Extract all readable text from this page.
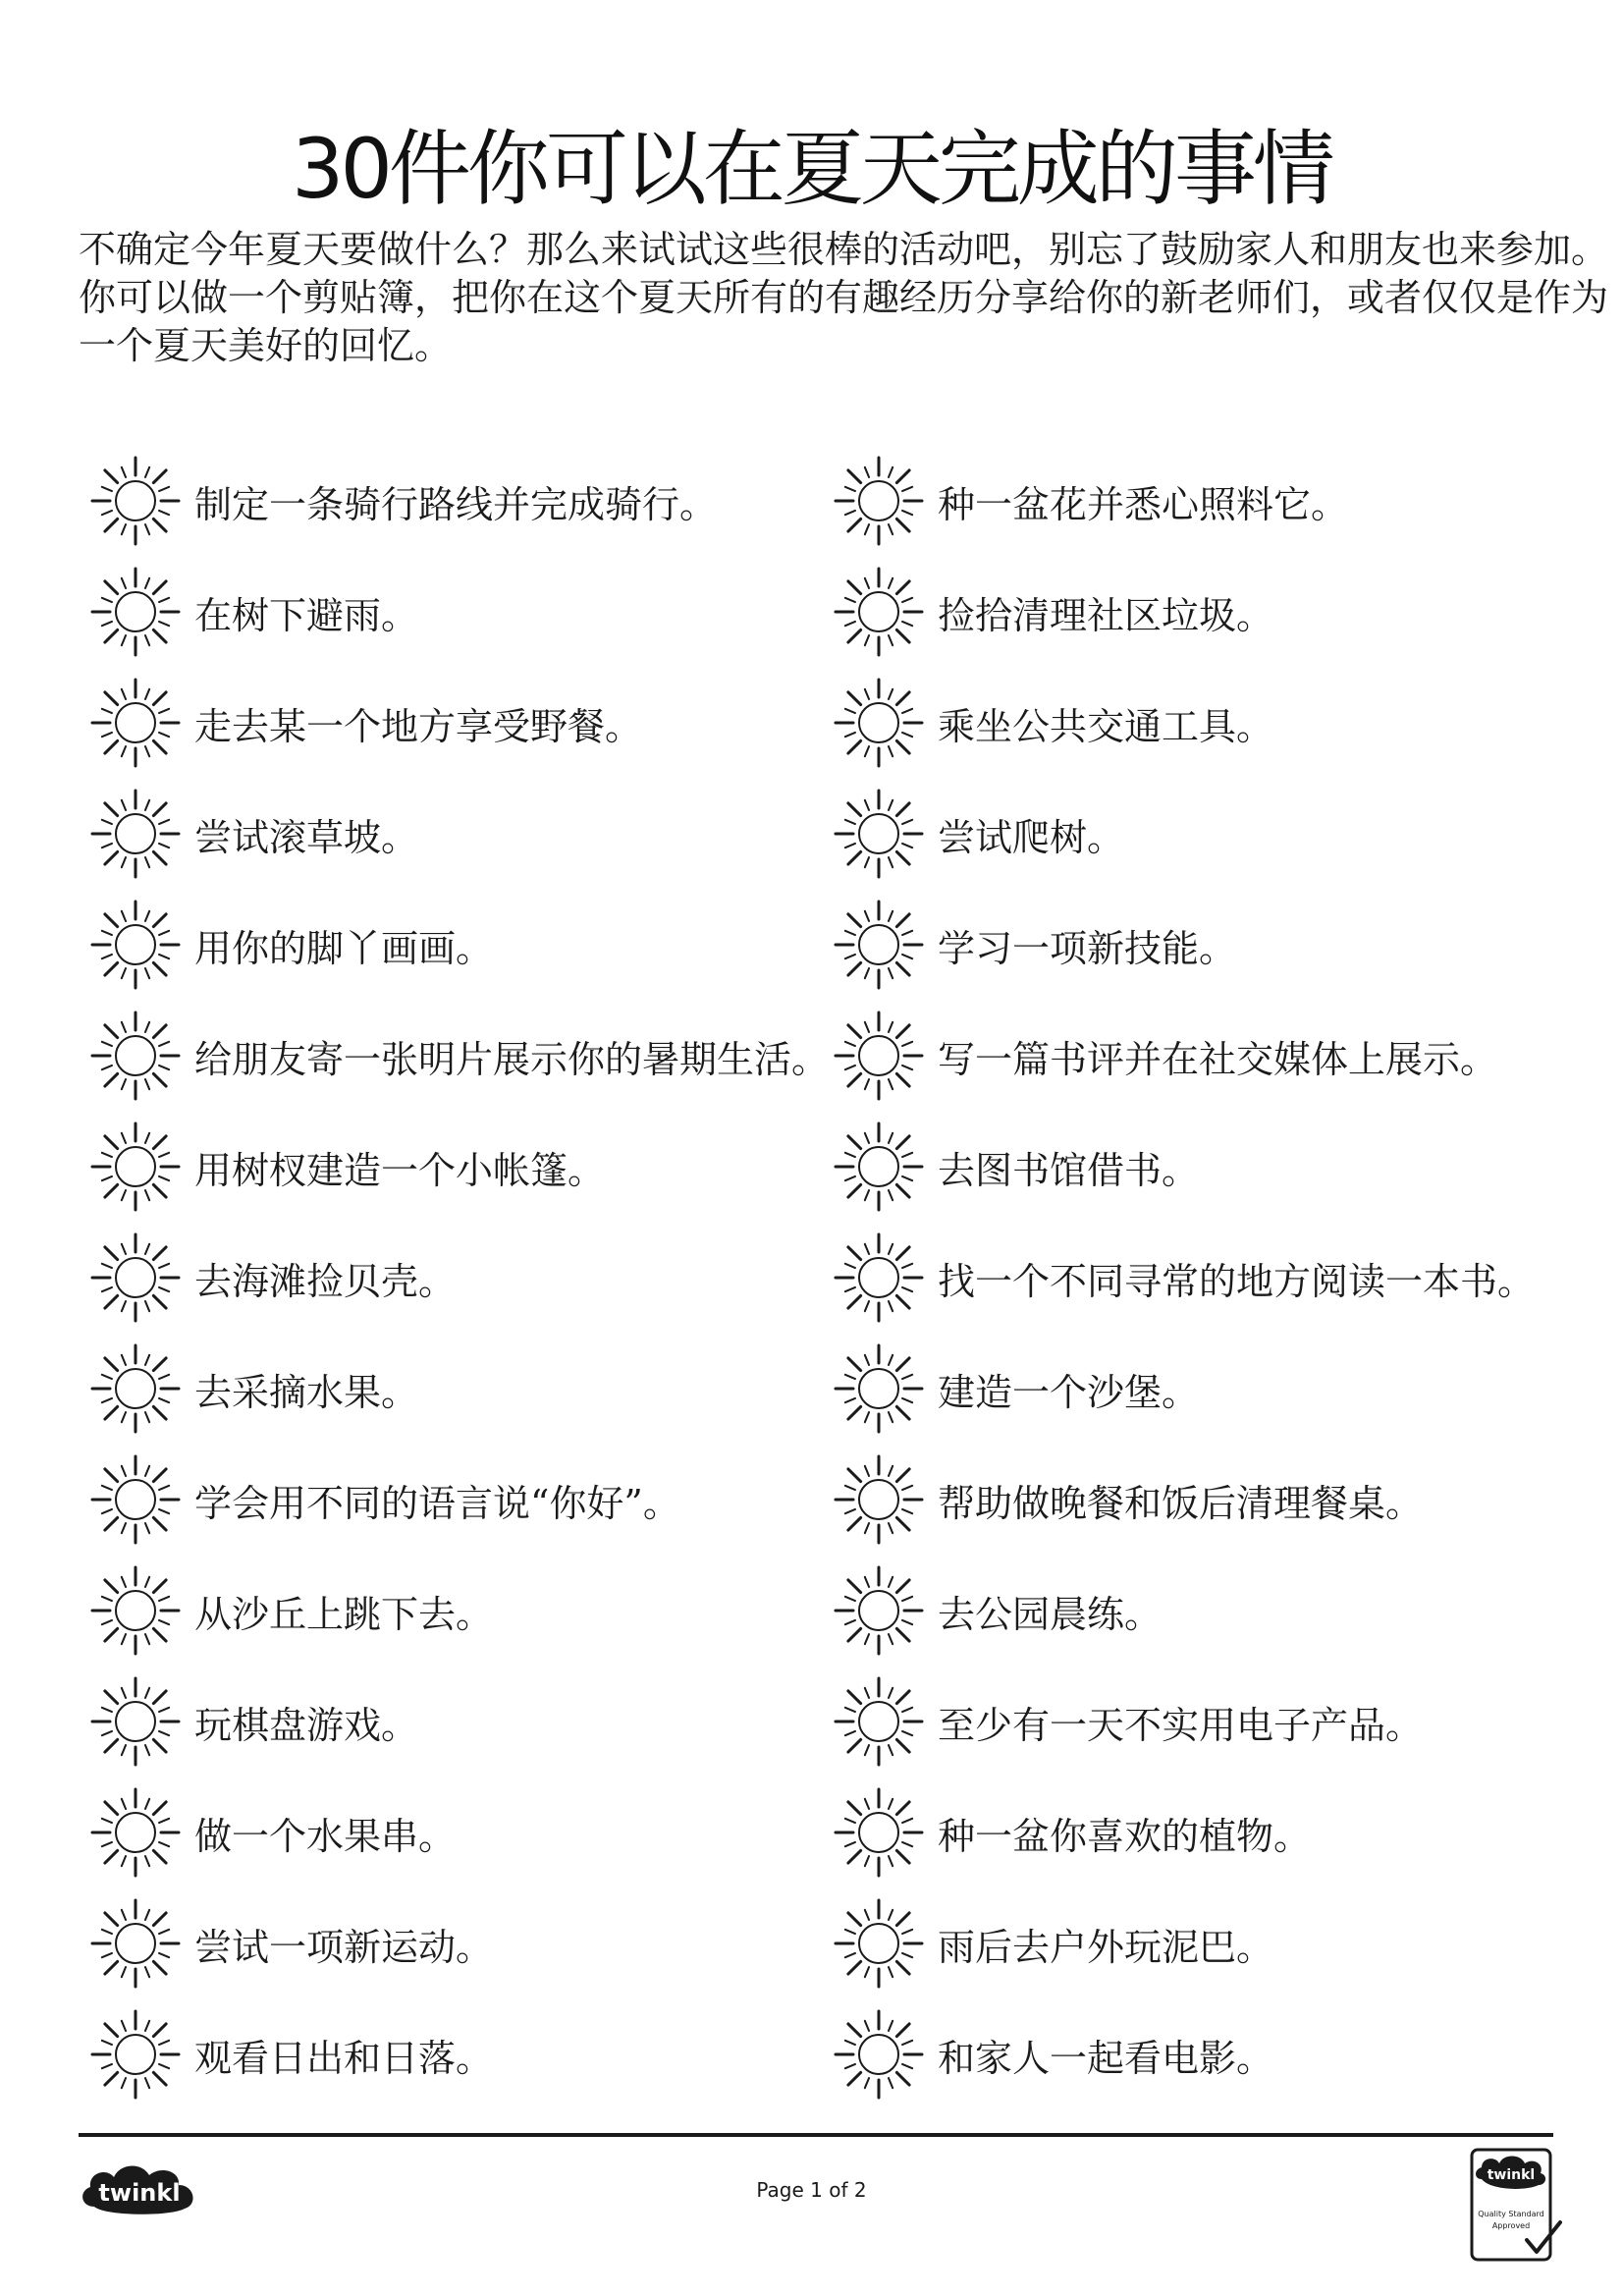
30件你可以在夏天完成的事情
不确定今年夏天要做什么？那么来试试这些很棒的活动吧，别忘了鼓励家人和朋友也来参加。
你可以做一个剪贴簿，把你在这个夏天所有的有趣经历分享给你的新老师们，或者仅仅是作为
一个夏天美好的回忆。
制定一条骑行路线并完成骑行。
在树下避雨。
走去某一个地方享受野餐。
尝试滚草坡。
用你的脚丫画画。
给朋友寄一张明片展示你的暑期生活。
用树杈建造一个小帐篷。
去海滩捡贝壳。
去采摘水果。
学会用不同的语言说“你好”。
从沙丘上跳下去。
玩棋盘游戏。
做一个水果串。
尝试一项新运动。
观看日出和日落。
种一盆花并悉心照料它。
捡拾清理社区垃圾。
乘坐公共交通工具。
尝试爬树。
学习一项新技能。
写一篇书评并在社交媒体上展示。
去图书馆借书。
找一个不同寻常的地方阅读一本书。
建造一个沙堡。
帮助做晚餐和饭后清理餐桌。
去公园晨练。
至少有一天不实用电子产品。
种一盆你喜欢的植物。
雨后去户外玩泥巴。
和家人一起看电影。
twinkl	Page 1 of 2
twinkl
Quality Standard
Approved
